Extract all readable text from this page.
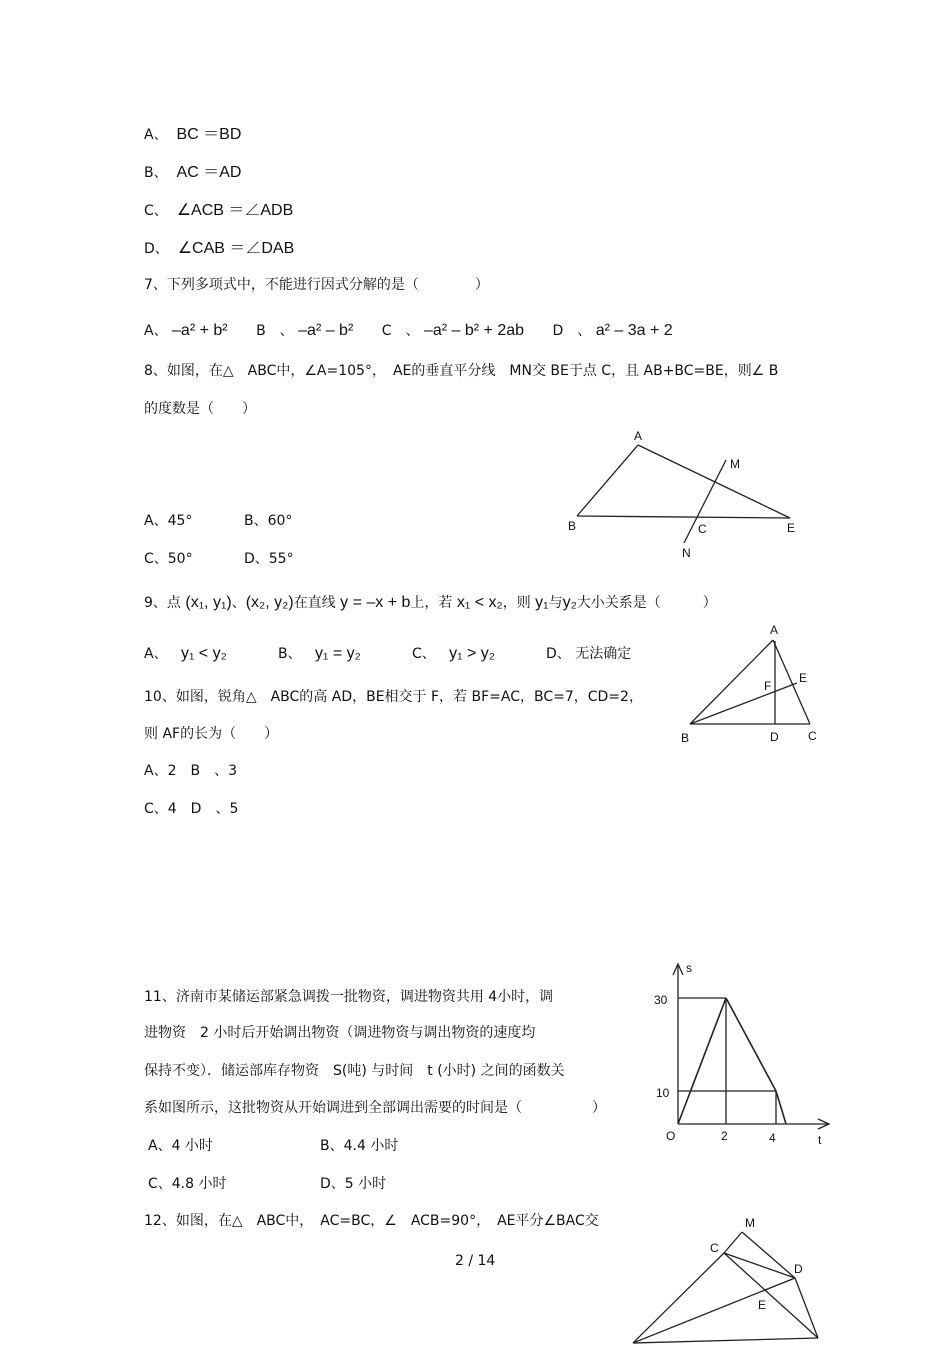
A、 BC ＝BD
B、 AC ＝AD
C、 ∠ACB ＝∠ADB
D、 ∠CAB ＝∠DAB
7、下列多项式中，不能进行因式分解的是（　　　　）
A、 –a² + b² B　、 –a² – b² C　、 –a² – b² + 2ab D　、 a² – 3a + 2
8、如图，在△　ABC中，∠A=105°，　AE的垂直平分线　MN交 BE于点 C，且 AB+BC=BE，则∠ B
的度数是（　　）
A、45°	B、60°
C、50°	D、55°
A
B	C	E
M
N
9、点 (x₁, y₁)、(x₂, y₂)在直线 y = –x + b上，若 x₁ < x₂，则 y₁与y₂大小关系是（　　　）
A、 y₁ < y₂	B、 y₁ = y₂	C、 y₁ > y₂	D、 无法确定
10、如图，锐角△　ABC的高 AD，BE相交于 F，若 BF=AC，BC=7，CD=2，
则 AF的长为（　　）
A、2　B　、3
C、4　D　、5
A
B	C
D
E
F
11、济南市某储运部紧急调拨一批物资，调进物资共用 4小时，调
进物资　2 小时后开始调出物资（调进物资与调出物资的速度均
保持不变）．储运部库存物资　S(吨) 与时间　t (小时) 之间的函数关
系如图所示，这批物资从开始调进到全部调出需要的时间是（　　　　　）
A、4 小时	B、4.4 小时
C、4.8 小时	D、5 小时
s
t
O
30
10
2	4
12、如图，在△　ABC中，　AC=BC，∠　ACB=90°，　AE平分∠BAC交	M
C
D
E
2 / 14
